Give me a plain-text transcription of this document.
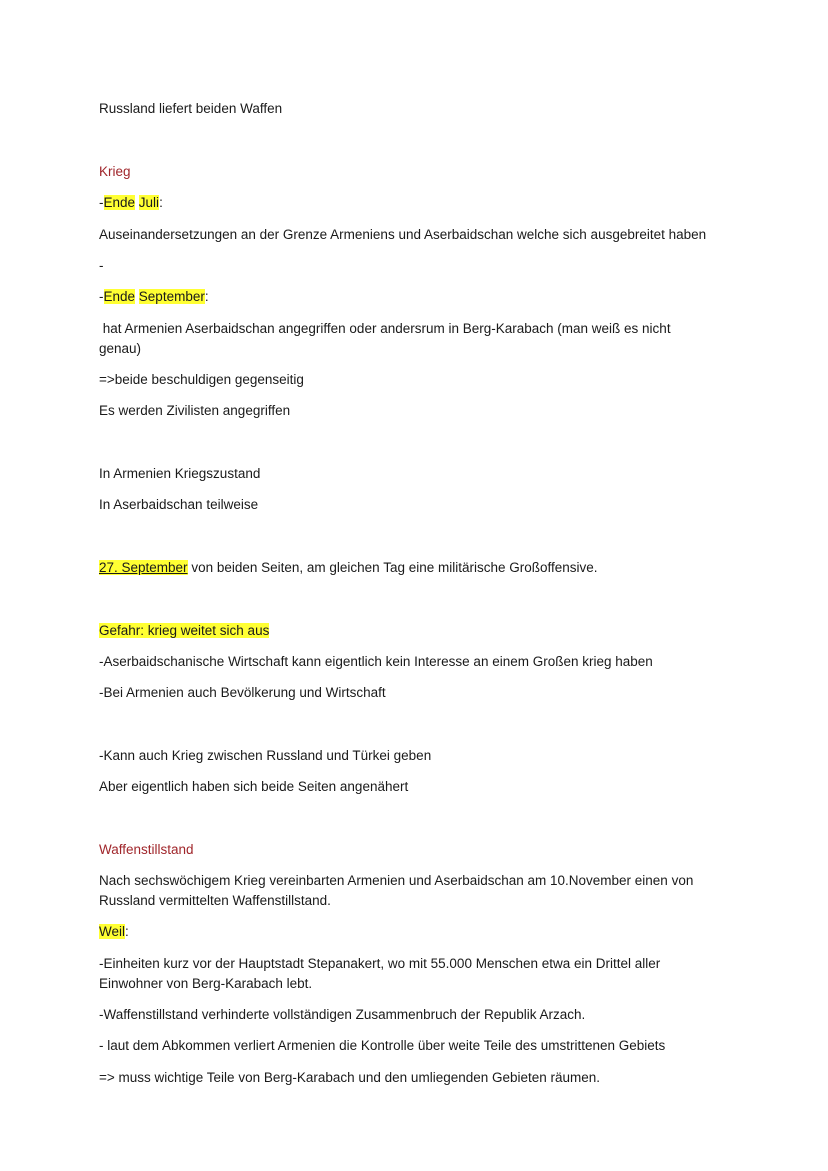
Russland liefert beiden Waffen
Krieg
-Ende Juli:
Auseinandersetzungen an der Grenze Armeniens und Aserbaidschan welche sich ausgebreitet haben
-
-Ende September:
hat Armenien Aserbaidschan angegriffen oder andersrum in Berg-Karabach (man weiß es nicht
genau)
=>beide beschuldigen gegenseitig
Es werden Zivilisten angegriffen
In Armenien Kriegszustand
In Aserbaidschan teilweise
27. September von beiden Seiten, am gleichen Tag eine militärische Großoffensive.
Gefahr: krieg weitet sich aus
-Aserbaidschanische Wirtschaft kann eigentlich kein Interesse an einem Großen krieg haben
-Bei Armenien auch Bevölkerung und Wirtschaft
-Kann auch Krieg zwischen Russland und Türkei geben
Aber eigentlich haben sich beide Seiten angenähert
Waffenstillstand
Nach sechswöchigem Krieg vereinbarten Armenien und Aserbaidschan am 10.November einen von
Russland vermittelten Waffenstillstand.
Weil:
-Einheiten kurz vor der Hauptstadt Stepanakert, wo mit 55.000 Menschen etwa ein Drittel aller
Einwohner von Berg-Karabach lebt.
-Waffenstillstand verhinderte vollständigen Zusammenbruch der Republik Arzach.
- laut dem Abkommen verliert Armenien die Kontrolle über weite Teile des umstrittenen Gebiets
=> muss wichtige Teile von Berg-Karabach und den umliegenden Gebieten räumen.
